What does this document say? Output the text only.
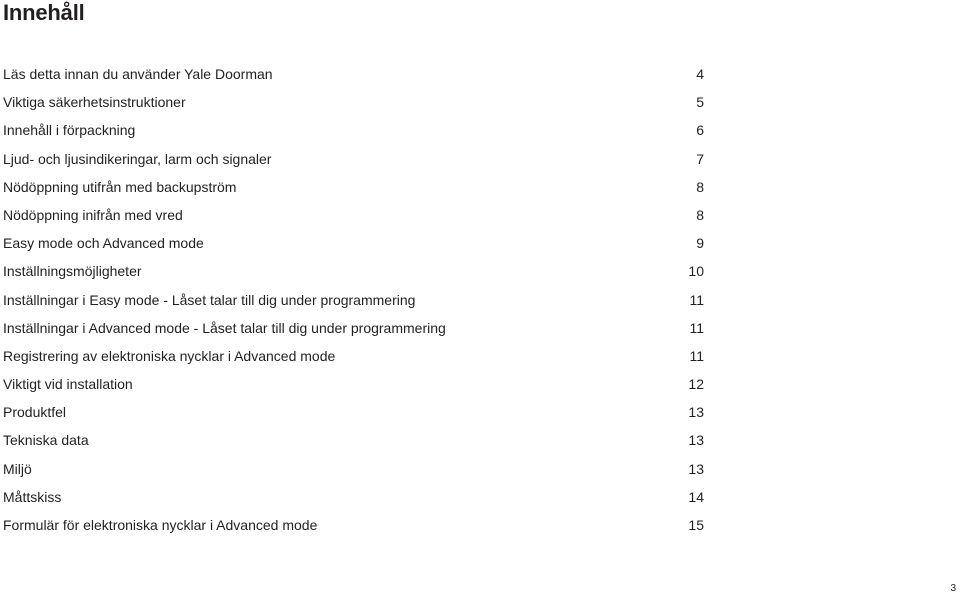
Innehåll
Läs detta innan du använder Yale Doorman	4
Viktiga säkerhetsinstruktioner	5
Innehåll i förpackning	6
Ljud- och ljusindikeringar, larm och signaler	7
Nödöppning utifrån med backupström	8
Nödöppning inifrån med vred	8
Easy mode och Advanced mode	9
Inställningsmöjligheter	10
Inställningar i Easy mode - Låset talar till dig under programmering	11
Inställningar i Advanced mode - Låset talar till dig under programmering	11
Registrering av elektroniska nycklar i Advanced mode	11
Viktigt vid installation	12
Produktfel	13
Tekniska data	13
Miljö	13
Måttskiss	14
Formulär för elektroniska nycklar i Advanced mode	15
3
